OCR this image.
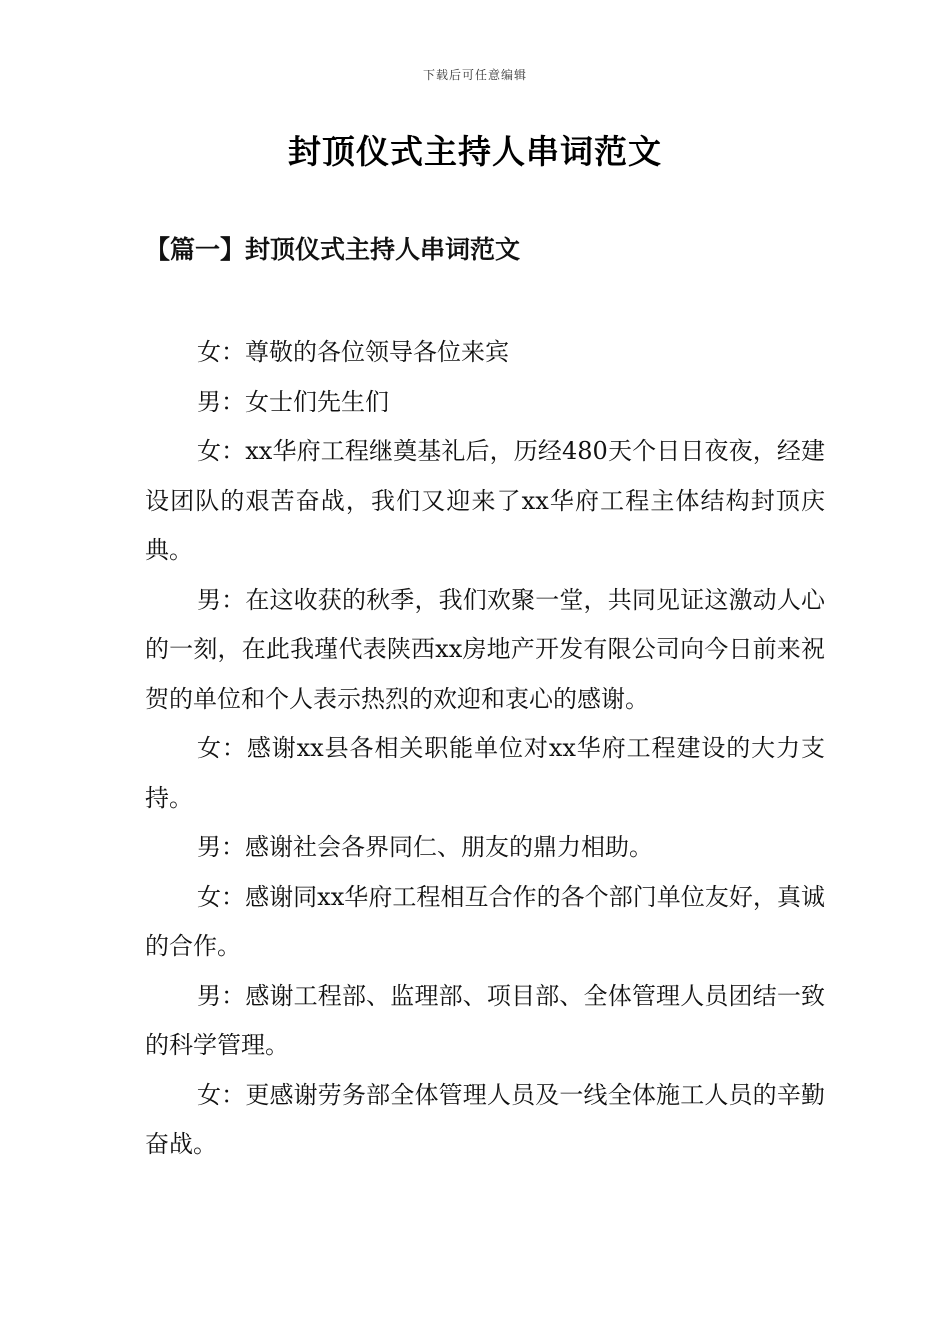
下载后可任意编辑
封顶仪式主持人串词范文
【篇一】封顶仪式主持人串词范文

女：尊敬的各位领导各位来宾

男：女士们先生们

女：xx华府工程继奠基礼后，历经480天个日日夜夜，经建设团队的艰苦奋战，我们又迎来了xx华府工程主体结构封顶庆典。

男：在这收获的秋季，我们欢聚一堂，共同见证这激动人心的一刻，在此我瑾代表陕西xx房地产开发有限公司向今日前来祝贺的单位和个人表示热烈的欢迎和衷心的感谢。

女：感谢xx县各相关职能单位对xx华府工程建设的大力支持。

男：感谢社会各界同仁、朋友的鼎力相助。

女：感谢同xx华府工程相互合作的各个部门单位友好，真诚的合作。

男：感谢工程部、监理部、项目部、全体管理人员团结一致的科学管理。

女：更感谢劳务部全体管理人员及一线全体施工人员的辛勤奋战。
